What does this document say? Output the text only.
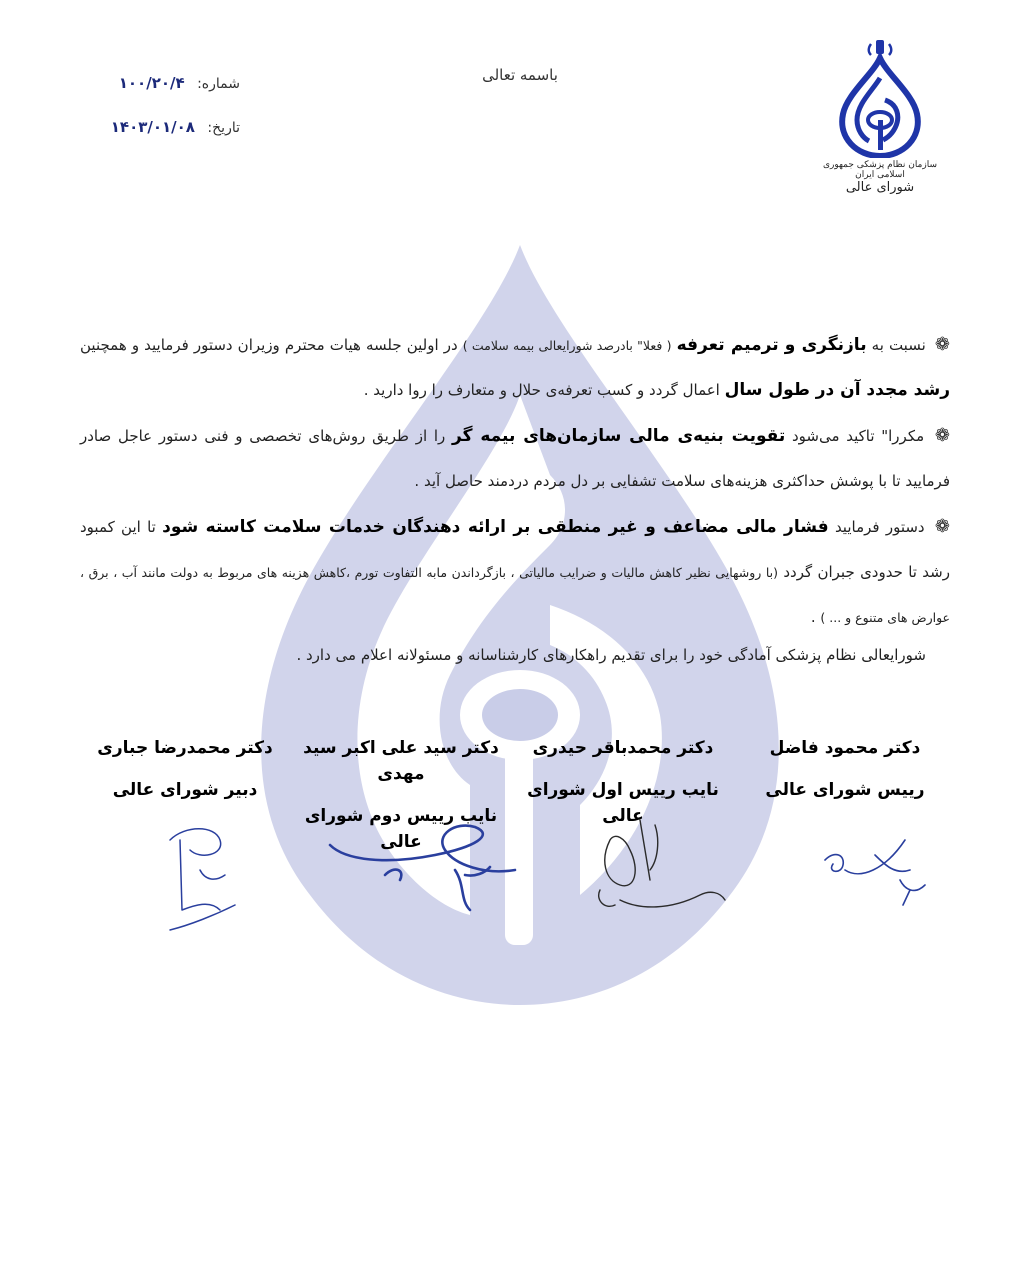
باسمه تعالی
شماره: ۱۰۰/۲۰/۴
تاریخ: ۱۴۰۳/۰۱/۰۸
سازمان نظام پزشکی جمهوری اسلامی ایران
شورای عالی

❁ نسبت به بازنگری و ترمیم تعرفه ( فعلا" بادرصد شورایعالی بیمه سلامت ) در اولین جلسه هیات محترم وزیران دستور فرمایید و همچنین رشد مجدد آن در طول سال اعمال گردد و کسب تعرفه‌ی حلال و متعارف را روا دارید .

❁ مکررا" تاکید می‌شود تقویت بنیه‌ی مالی سازمان‌های بیمه گر را از طریق روش‌های تخصصی و فنی دستور عاجل صادر فرمایید تا با پوشش حداکثری هزینه‌های سلامت تشفایی بر دل مردم دردمند حاصل آید .

❁ دستور فرمایید فشار مالی مضاعف و غیر منطقی بر ارائه دهندگان خدمات سلامت کاسته شود تا این کمبود رشد تا حدودی جبران گردد (با روشهایی نظیر کاهش مالیات و ضرایب مالیاتی ، بازگرداندن مابه التفاوت تورم ،کاهش هزینه های مربوط به دولت مانند آب ، برق ، عوارض های متنوع و ... ) .

شورایعالی نظام پزشکی آمادگی خود را برای تقدیم راهکارهای کارشناسانه و مسئولانه اعلام می دارد .

دکتر محمود فاضل
رییس شورای عالی
دکتر محمدباقر حیدری
نایب رییس اول شورای عالی
دکتر سید علی اکبر سید مهدی
نایب رییس دوم شورای عالی
دکتر محمدرضا جباری
دبیر شورای عالی
